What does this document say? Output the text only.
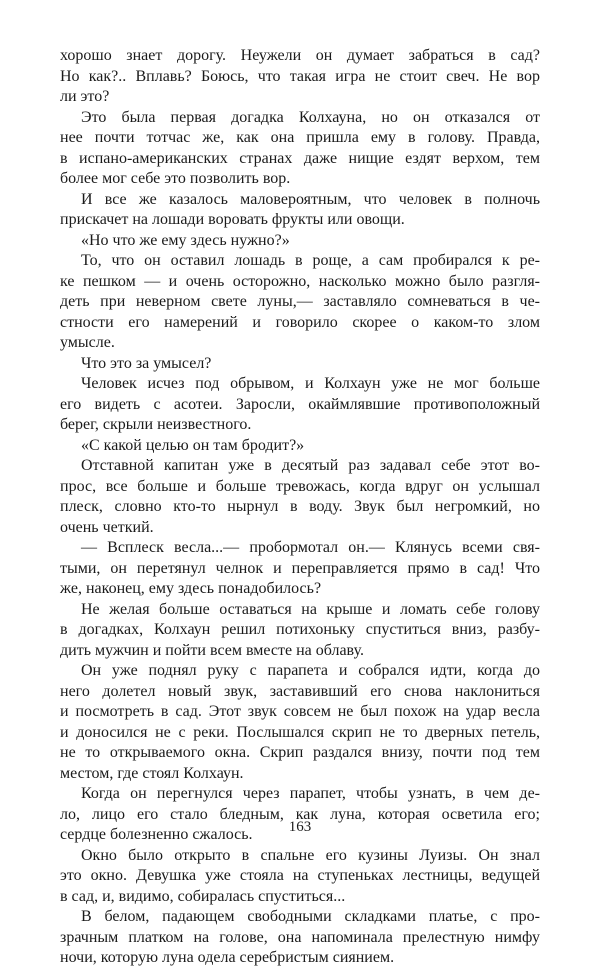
хорошо знает дорогу. Неужели он думает забраться в сад?
Но как?.. Вплавь? Боюсь, что такая игра не стоит свеч. Не вор
ли это?
Это была первая догадка Колхауна, но он отказался от
нее почти тотчас же, как она пришла ему в голову. Правда,
в испано-американских странах даже нищие ездят верхом, тем
более мог себе это позволить вор.
И все же казалось маловероятным, что человек в полночь
прискачет на лошади воровать фрукты или овощи.
«Но что же ему здесь нужно?»
То, что он оставил лошадь в роще, а сам пробирался к ре-
ке пешком — и очень осторожно, насколько можно было разгля-
деть при неверном свете луны,— заставляло сомневаться в че-
стности его намерений и говорило скорее о каком-то злом
умысле.
Что это за умысел?
Человек исчез под обрывом, и Колхаун уже не мог больше
его видеть с асотеи. Заросли, окаймлявшие противоположный
берег, скрыли неизвестного.
«С какой целью он там бродит?»
Отставной капитан уже в десятый раз задавал себе этот во-
прос, все больше и больше тревожась, когда вдруг он услышал
плеск, словно кто-то нырнул в воду. Звук был негромкий, но
очень четкий.
— Всплеск весла...— пробормотал он.— Клянусь всеми свя-
тыми, он перетянул челнок и переправляется прямо в сад! Что
же, наконец, ему здесь понадобилось?
Не желая больше оставаться на крыше и ломать себе голову
в догадках, Колхаун решил потихоньку спуститься вниз, разбу-
дить мужчин и пойти всем вместе на облаву.
Он уже поднял руку с парапета и собрался идти, когда до
него долетел новый звук, заставивший его снова наклониться
и посмотреть в сад. Этот звук совсем не был похож на удар весла
и доносился не с реки. Послышался скрип не то дверных петель,
не то открываемого окна. Скрип раздался внизу, почти под тем
местом, где стоял Колхаун.
Когда он перегнулся через парапет, чтобы узнать, в чем де-
ло, лицо его стало бледным, как луна, которая осветила его;
сердце болезненно сжалось.
Окно было открыто в спальне его кузины Луизы. Он знал
это окно. Девушка уже стояла на ступеньках лестницы, ведущей
в сад, и, видимо, собиралась спуститься...
В белом, падающем свободными складками платье, с про-
зрачным платком на голове, она напоминала прелестную нимфу
ночи, которую луна одела серебристым сиянием.
163
